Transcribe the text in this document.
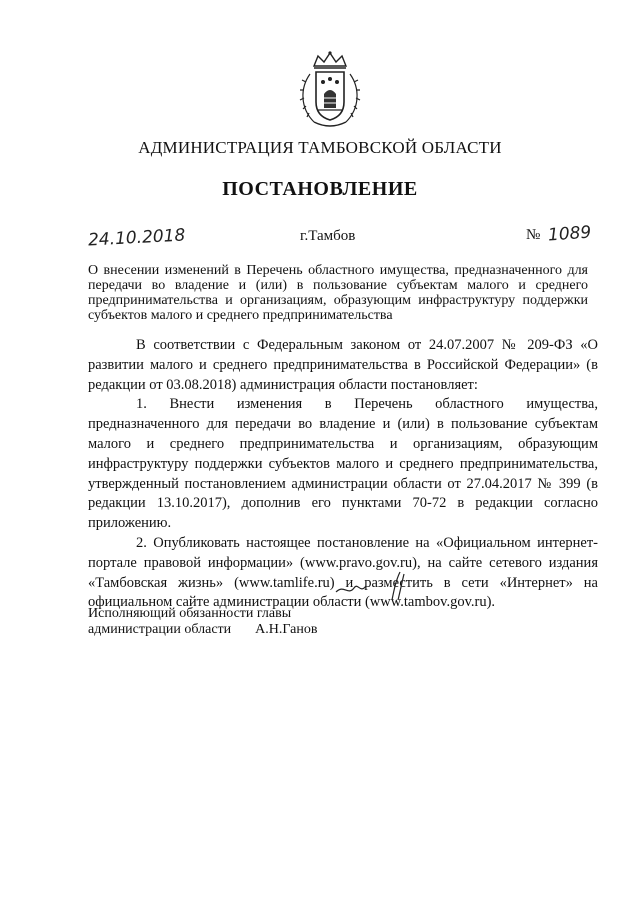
АДМИНИСТРАЦИЯ ТАМБОВСКОЙ ОБЛАСТИ
ПОСТАНОВЛЕНИЕ
24.10.2018	г.Тамбов	№ 1089
О внесении изменений в Перечень областного имущества, предназначенного для передачи во владение и (или) в пользование субъектам малого и среднего предпринимательства и организациям, образующим инфраструктуру поддержки субъектов малого и среднего предпринимательства

В соответствии с Федеральным законом от 24.07.2007 № 209-ФЗ «О развитии малого и среднего предпринимательства в Российской Федерации» (в редакции от 03.08.2018) администрация области постановляет:

1. Внести изменения в Перечень областного имущества, предназначенного для передачи во владение и (или) в пользование субъектам малого и среднего предпринимательства и организациям, образующим инфраструктуру поддержки субъектов малого и среднего предпринимательства, утвержденный постановлением администрации области от 27.04.2017 № 399 (в редакции 13.10.2017), дополнив его пунктами 70-72 в редакции согласно приложению.

2. Опубликовать настоящее постановление на «Официальном интернет-портале правовой информации» (www.pravo.gov.ru), на сайте сетевого издания «Тамбовская жизнь» (www.tamlife.ru) и разместить в сети «Интернет» на официальном сайте администрации области (www.tambov.gov.ru).

Исполняющий обязанности главы
администрации области А.Н.Ганов
